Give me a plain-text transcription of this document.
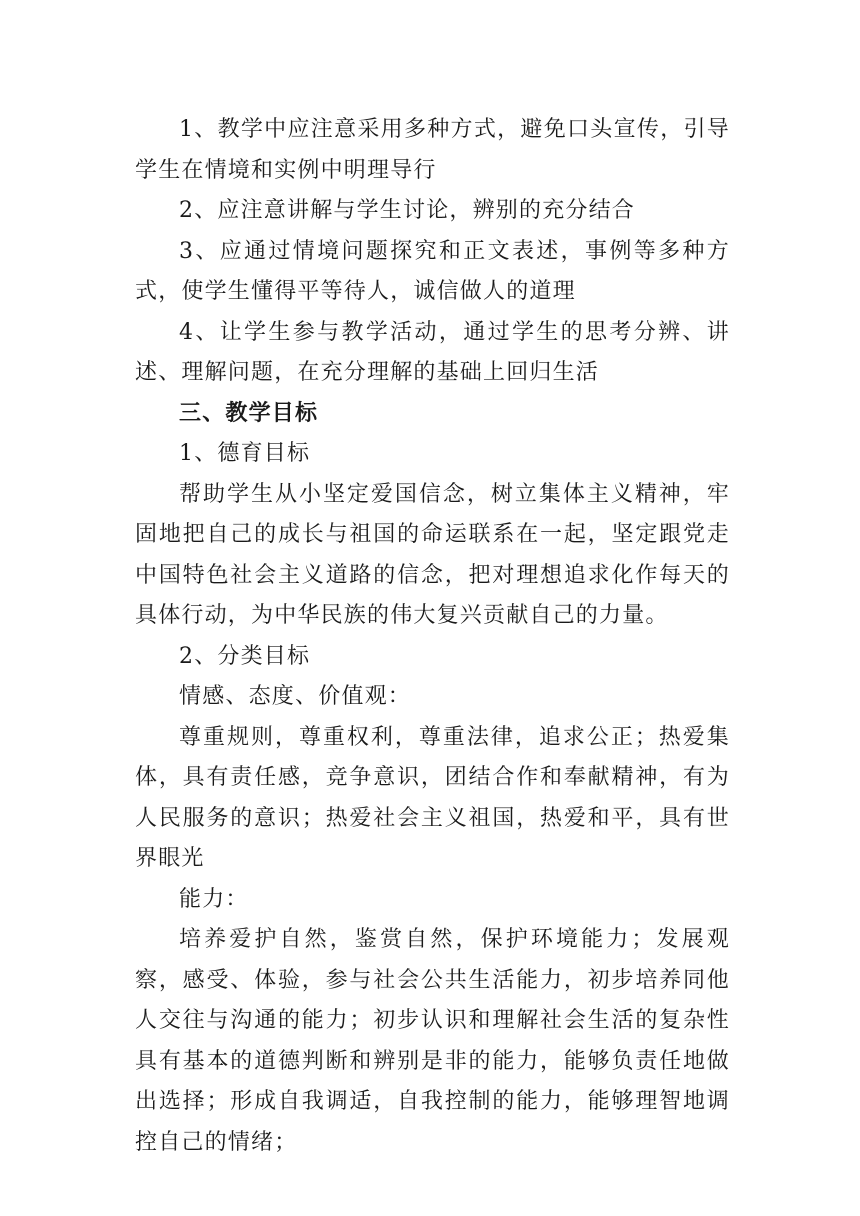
1、教学中应注意采用多种方式，避免口头宣传，引导学生在情境和实例中明理导行

2、应注意讲解与学生讨论，辨别的充分结合

3、应通过情境问题探究和正文表述，事例等多种方式，使学生懂得平等待人，诚信做人的道理

4、让学生参与教学活动，通过学生的思考分辨、讲述、理解问题，在充分理解的基础上回归生活

三、教学目标

1、德育目标

帮助学生从小坚定爱国信念，树立集体主义精神，牢固地把自己的成长与祖国的命运联系在一起，坚定跟党走中国特色社会主义道路的信念，把对理想追求化作每天的具体行动，为中华民族的伟大复兴贡献自己的力量。

2、分类目标

情感、态度、价值观：

尊重规则，尊重权利，尊重法律，追求公正；热爱集体，具有责任感，竞争意识，团结合作和奉献精神，有为人民服务的意识；热爱社会主义祖国，热爱和平，具有世界眼光

能力：

培养爱护自然，鉴赏自然，保护环境能力；发展观察，感受、体验，参与社会公共生活能力，初步培养同他人交往与沟通的能力；初步认识和理解社会生活的复杂性具有基本的道德判断和辨别是非的能力，能够负责任地做出选择；形成自我调适，自我控制的能力，能够理智地调控自己的情绪；
